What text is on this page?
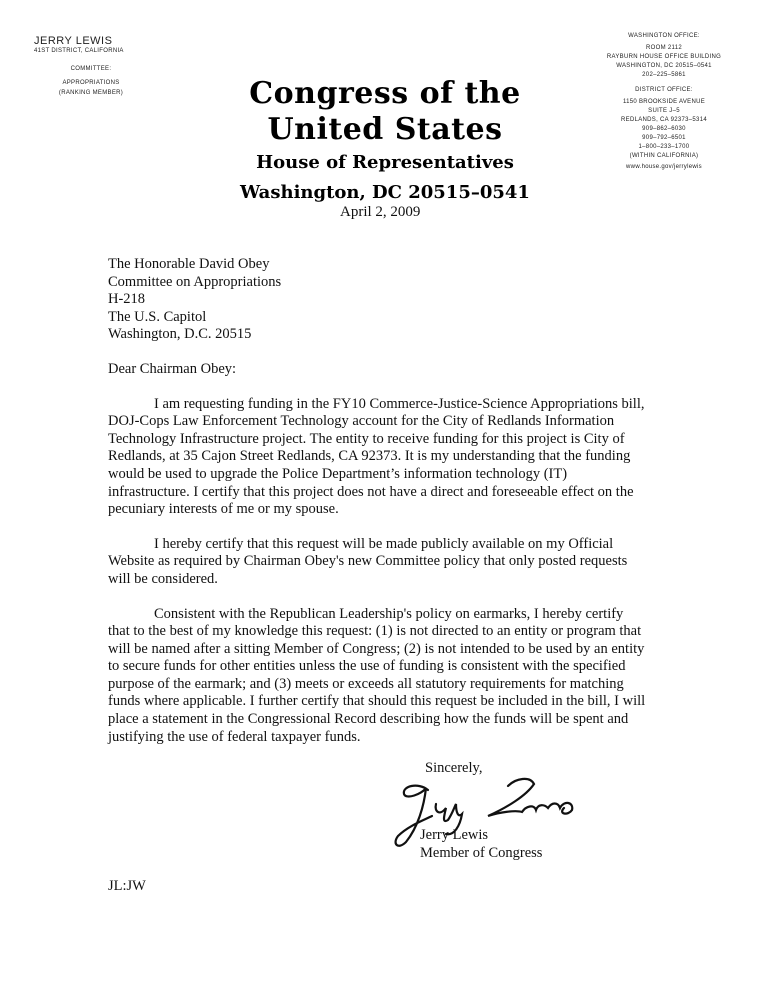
JERRY LEWIS
41ST DISTRICT, CALIFORNIA
COMMITTEE:
APPROPRIATIONS
(RANKING MEMBER)	Congress of the United States
House of Representatives
Washington, DC 20515–0541
WASHINGTON OFFICE:
ROOM 2112
RAYBURN HOUSE OFFICE BUILDING
WASHINGTON, DC 20515–0541
202–225–5861
DISTRICT OFFICE:
1150 BROOKSIDE AVENUE
SUITE J–5
REDLANDS, CA 92373–5314
909–862–6030
909–792–6501
1–800–233–1700
(WITHIN CALIFORNIA)
www.house.gov/jerrylewis
April 2, 2009

The Honorable David Obey

Committee on Appropriations

H-218

The U.S. Capitol

Washington, D.C. 20515

Dear Chairman Obey:

I am requesting funding in the FY10 Commerce-Justice-Science Appropriations bill, DOJ-Cops Law Enforcement Technology account for the City of Redlands Information Technology Infrastructure project. The entity to receive funding for this project is City of Redlands, at 35 Cajon Street Redlands, CA 92373. It is my understanding that the funding would be used to upgrade the Police Department’s information technology (IT) infrastructure. I certify that this project does not have a direct and foreseeable effect on the pecuniary interests of me or my spouse.

I hereby certify that this request will be made publicly available on my Official Website as required by Chairman Obey's new Committee policy that only posted requests will be considered.

Consistent with the Republican Leadership's policy on earmarks, I hereby certify that to the best of my knowledge this request: (1) is not directed to an entity or program that will be named after a sitting Member of Congress; (2) is not intended to be used by an entity to secure funds for other entities unless the use of funding is consistent with the specified purpose of the earmark; and (3) meets or exceeds all statutory requirements for matching funds where applicable. I further certify that should this request be included in the bill, I will place a statement in the Congressional Record describing how the funds will be spent and justifying the use of federal taxpayer funds.

Sincerely,
Jerry Lewis
Member of Congress
JL:JW
